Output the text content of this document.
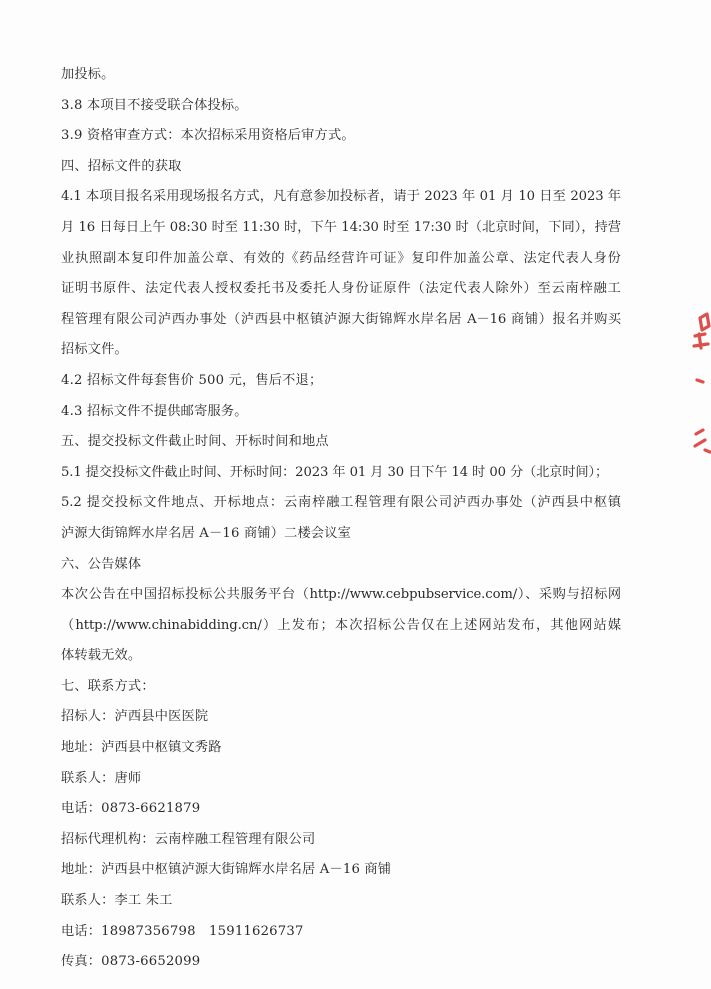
加投标。
3.8 本项目不接受联合体投标。
3.9 资格审查方式：本次招标采用资格后审方式。
四、招标文件的获取
4.1 本项目报名采用现场报名方式，凡有意参加投标者，请于 2023 年 01 月 10 日至 2023 年
月 16 日每日上午 08:30 时至 11:30 时，下午 14:30 时至 17:30 时（北京时间，下同），持营
业执照副本复印件加盖公章、有效的《药品经营许可证》复印件加盖公章、法定代表人身份
证明书原件、法定代表人授权委托书及委托人身份证原件（法定代表人除外）至云南梓融工
程管理有限公司泸西办事处（泸西县中枢镇泸源大街锦辉水岸名居 A－16 商铺）报名并购买
招标文件。
4.2 招标文件每套售价 500 元，售后不退；
4.3 招标文件不提供邮寄服务。
五、提交投标文件截止时间、开标时间和地点
5.1 提交投标文件截止时间、开标时间：2023 年 01 月 30 日下午 14 时 00 分（北京时间）；
5.2 提交投标文件地点、开标地点：云南梓融工程管理有限公司泸西办事处（泸西县中枢镇
泸源大街锦辉水岸名居 A－16 商铺）二楼会议室
六、公告媒体
本次公告在中国招标投标公共服务平台（http://www.cebpubservice.com/）、采购与招标网
（http://www.chinabidding.cn/）上发布；本次招标公告仅在上述网站发布，其他网站媒
体转载无效。
七、联系方式：
招标人：泸西县中医医院
地址：泸西县中枢镇文秀路
联系人：唐师
电话：0873-6621879
招标代理机构：云南梓融工程管理有限公司
地址：泸西县中枢镇泸源大街锦辉水岸名居 A－16 商铺
联系人：李工 朱工
电话：18987356798　15911626737
传真：0873-6652099
